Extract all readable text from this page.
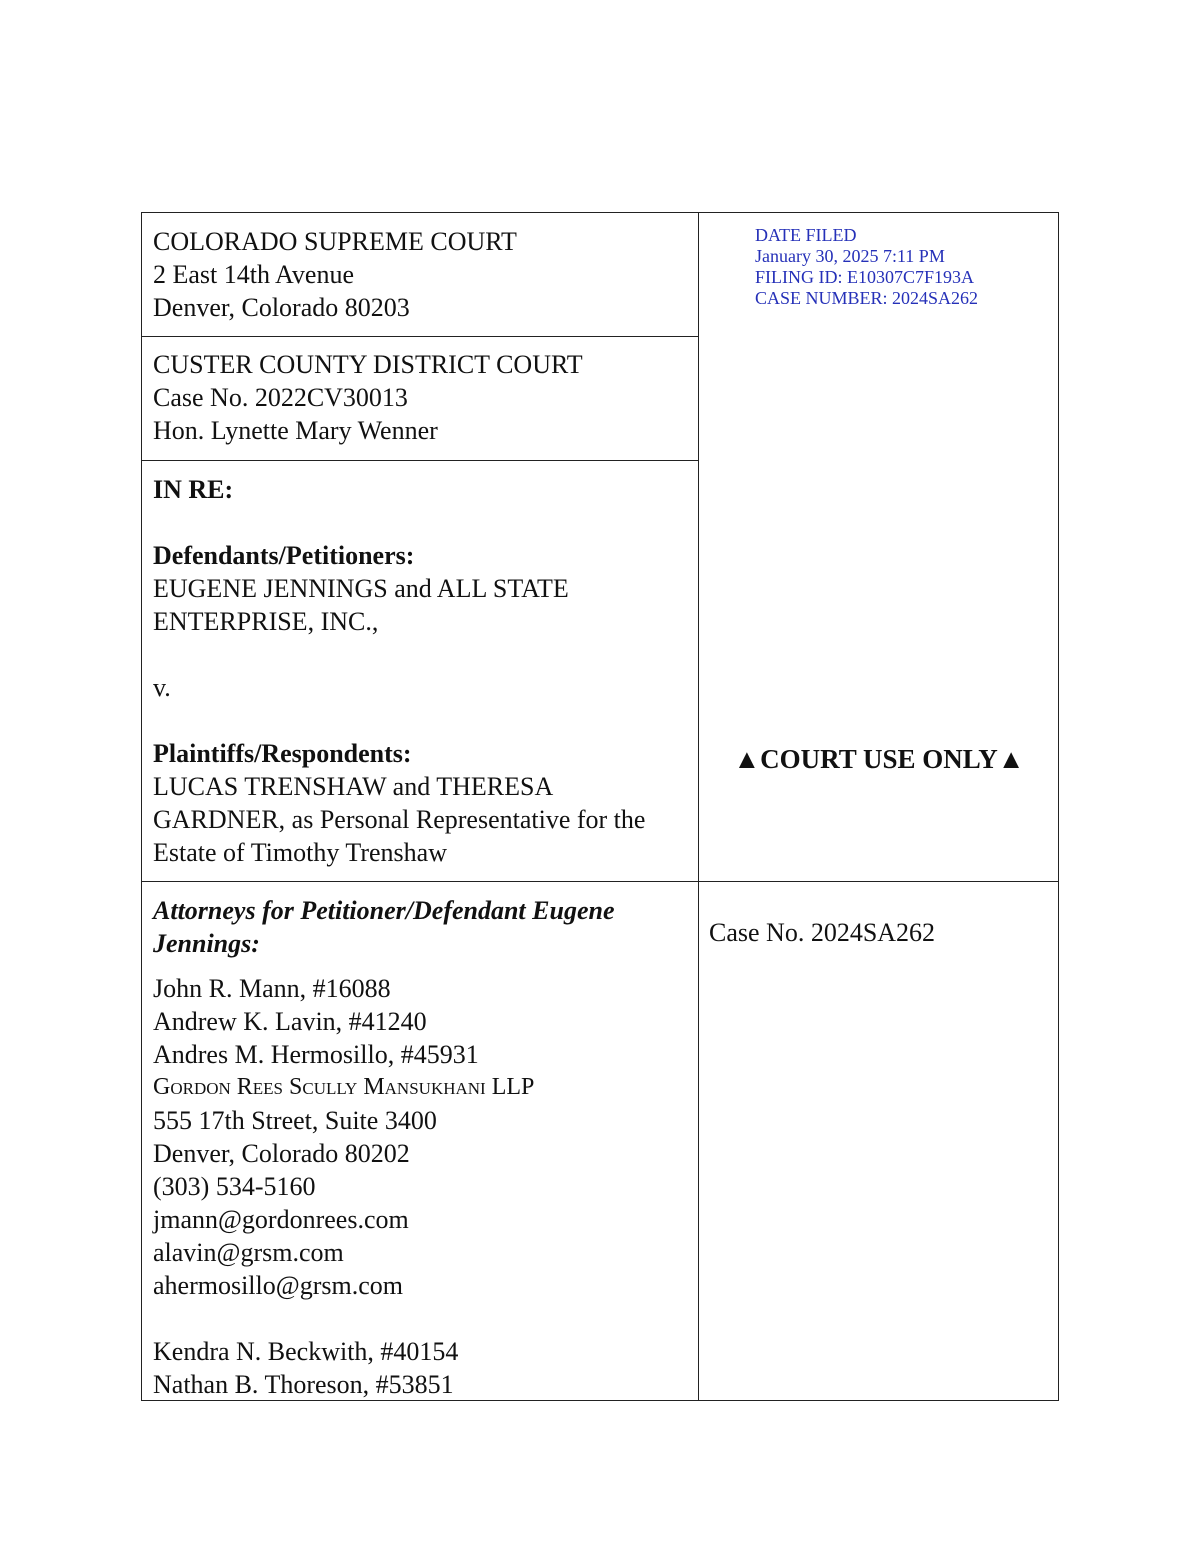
COLORADO SUPREME COURT
2 East 14th Avenue
Denver, Colorado 80203
CUSTER COUNTY DISTRICT COURT
Case No. 2022CV30013
Hon. Lynette Mary Wenner
IN RE:
Defendants/Petitioners:
EUGENE JENNINGS and ALL STATE
ENTERPRISE, INC.,
v.
Plaintiffs/Respondents:
LUCAS TRENSHAW and THERESA
GARDNER, as Personal Representative for the
Estate of Timothy Trenshaw
Attorneys for Petitioner/Defendant Eugene
Jennings:
John R. Mann, #16088
Andrew K. Lavin, #41240
Andres M. Hermosillo, #45931
Gordon Rees Scully Mansukhani LLP
555 17th Street, Suite 3400
Denver, Colorado 80202
(303) 534-5160
jmann@gordonrees.com
alavin@grsm.com
ahermosillo@grsm.com
Kendra N. Beckwith, #40154
Nathan B. Thoreson, #53851
DATE FILED
January 30, 2025 7:11 PM
FILING ID: E10307C7F193A
CASE NUMBER: 2024SA262
▲COURT USE ONLY▲
Case No. 2024SA262
